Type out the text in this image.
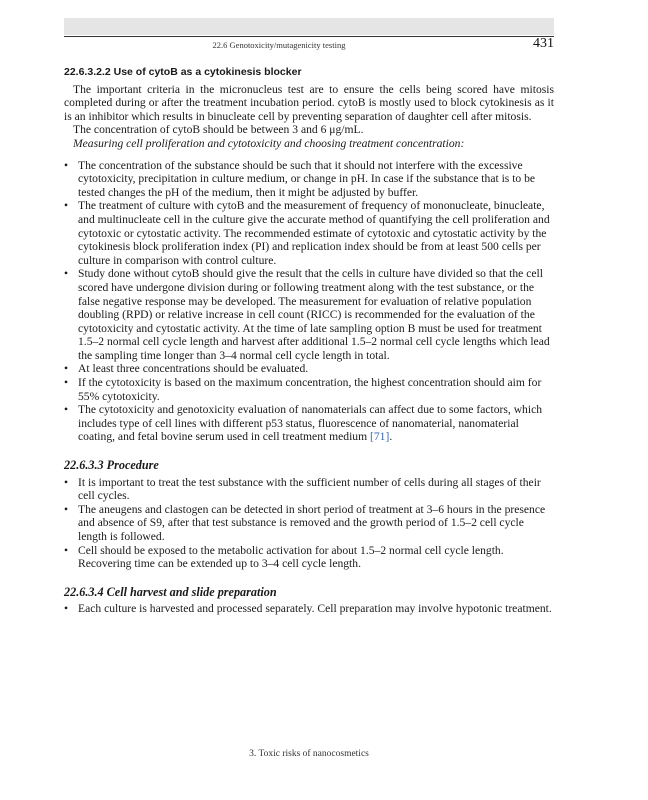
22.6 Genotoxicity/mutagenicity testing	431
22.6.3.2.2 Use of cytoB as a cytokinesis blocker

The important criteria in the micronucleus test are to ensure the cells being scored have mitosis completed during or after the treatment incubation period. cytoB is mostly used to block cytokinesis as it is an inhibitor which results in binucleate cell by preventing separation of daughter cell after mitosis.

The concentration of cytoB should be between 3 and 6 μg/mL.

Measuring cell proliferation and cytotoxicity and choosing treatment concentration:

• The concentration of the substance should be such that it should not interfere with the excessive cytotoxicity, precipitation in culture medium, or change in pH. In case if the substance that is to be tested changes the pH of the medium, then it might be adjusted by buffer.
• The treatment of culture with cytoB and the measurement of frequency of mononucleate, binucleate, and multinucleate cell in the culture give the accurate method of quantifying the cell proliferation and cytotoxic or cytostatic activity. The recommended estimate of cytotoxic and cytostatic activity by the cytokinesis block proliferation index (PI) and replication index should be from at least 500 cells per culture in comparison with control culture.
• Study done without cytoB should give the result that the cells in culture have divided so that the cell scored have undergone division during or following treatment along with the test substance, or the false negative response may be developed. The measurement for evaluation of relative population doubling (RPD) or relative increase in cell count (RICC) is recommended for the evaluation of the cytotoxicity and cytostatic activity. At the time of late sampling option B must be used for treatment 1.5–2 normal cell cycle length and harvest after additional 1.5–2 normal cell cycle lengths which lead the sampling time longer than 3–4 normal cell cycle length in total.
• At least three concentrations should be evaluated.
• If the cytotoxicity is based on the maximum concentration, the highest concentration should aim for 55% cytotoxicity.
• The cytotoxicity and genotoxicity evaluation of nanomaterials can affect due to some factors, which includes type of cell lines with different p53 status, fluorescence of nanomaterial, nanomaterial coating, and fetal bovine serum used in cell treatment medium [71].
22.6.3.3 Procedure
• It is important to treat the test substance with the sufficient number of cells during all stages of their cell cycles.
• The aneugens and clastogen can be detected in short period of treatment at 3–6 hours in the presence and absence of S9, after that test substance is removed and the growth period of 1.5–2 cell cycle length is followed.
• Cell should be exposed to the metabolic activation for about 1.5–2 normal cell cycle length. Recovering time can be extended up to 3–4 cell cycle length.
22.6.3.4 Cell harvest and slide preparation
• Each culture is harvested and processed separately. Cell preparation may involve hypotonic treatment.
3. Toxic risks of nanocosmetics
